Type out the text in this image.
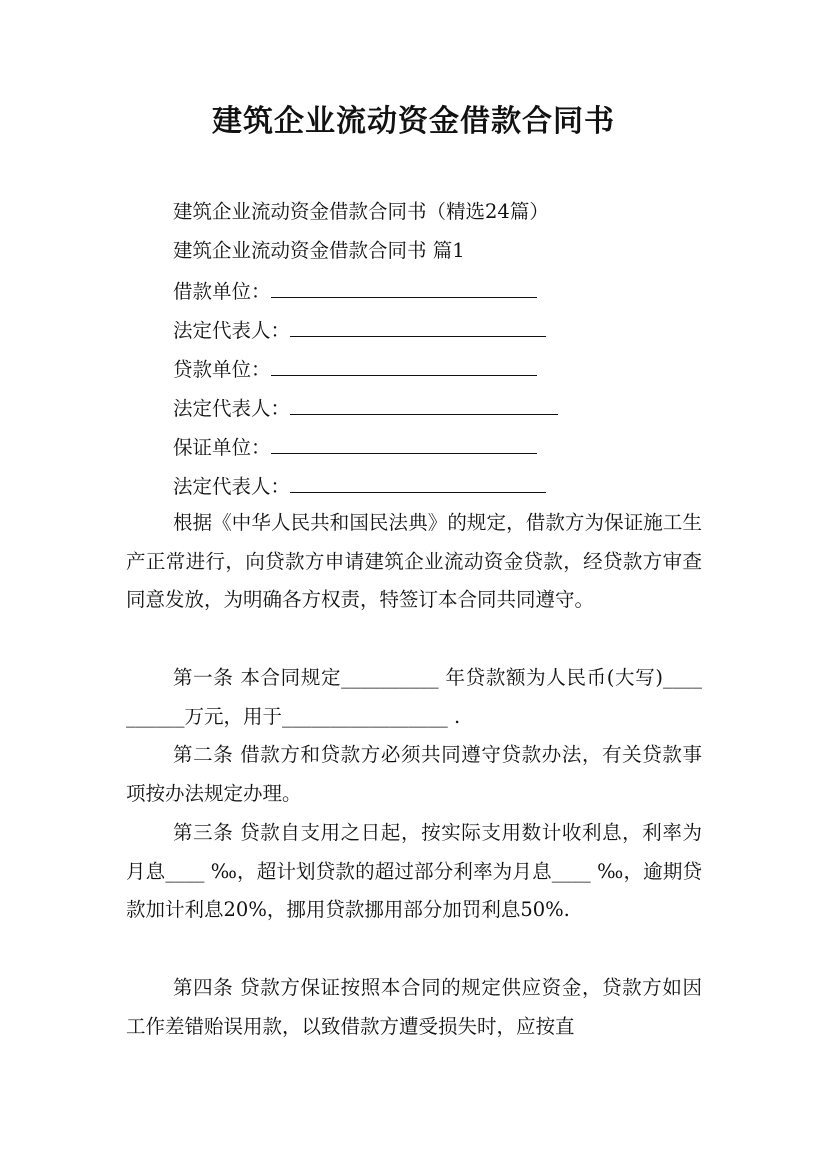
建筑企业流动资金借款合同书
建筑企业流动资金借款合同书（精选24篇）
建筑企业流动资金借款合同书 篇1
借款单位：
法定代表人：
贷款单位：
法定代表人：
保证单位：
法定代表人：
根据《中华人民共和国民法典》的规定，借款方为保证施工生产正常进行，向贷款方申请建筑企业流动资金贷款，经贷款方审查同意发放，为明确各方权责，特签订本合同共同遵守。
第一条 本合同规定__________ 年贷款额为人民币(大写)____ ______万元，用于_________________ .
第二条 借款方和贷款方必须共同遵守贷款办法，有关贷款事项按办法规定办理。
第三条 贷款自支用之日起，按实际支用数计收利息，利率为月息____ ‰，超计划贷款的超过部分利率为月息____ ‰，逾期贷款加计利息20%，挪用贷款挪用部分加罚利息50%.
第四条 贷款方保证按照本合同的规定供应资金，贷款方如因工作差错贻误用款，以致借款方遭受损失时，应按直
